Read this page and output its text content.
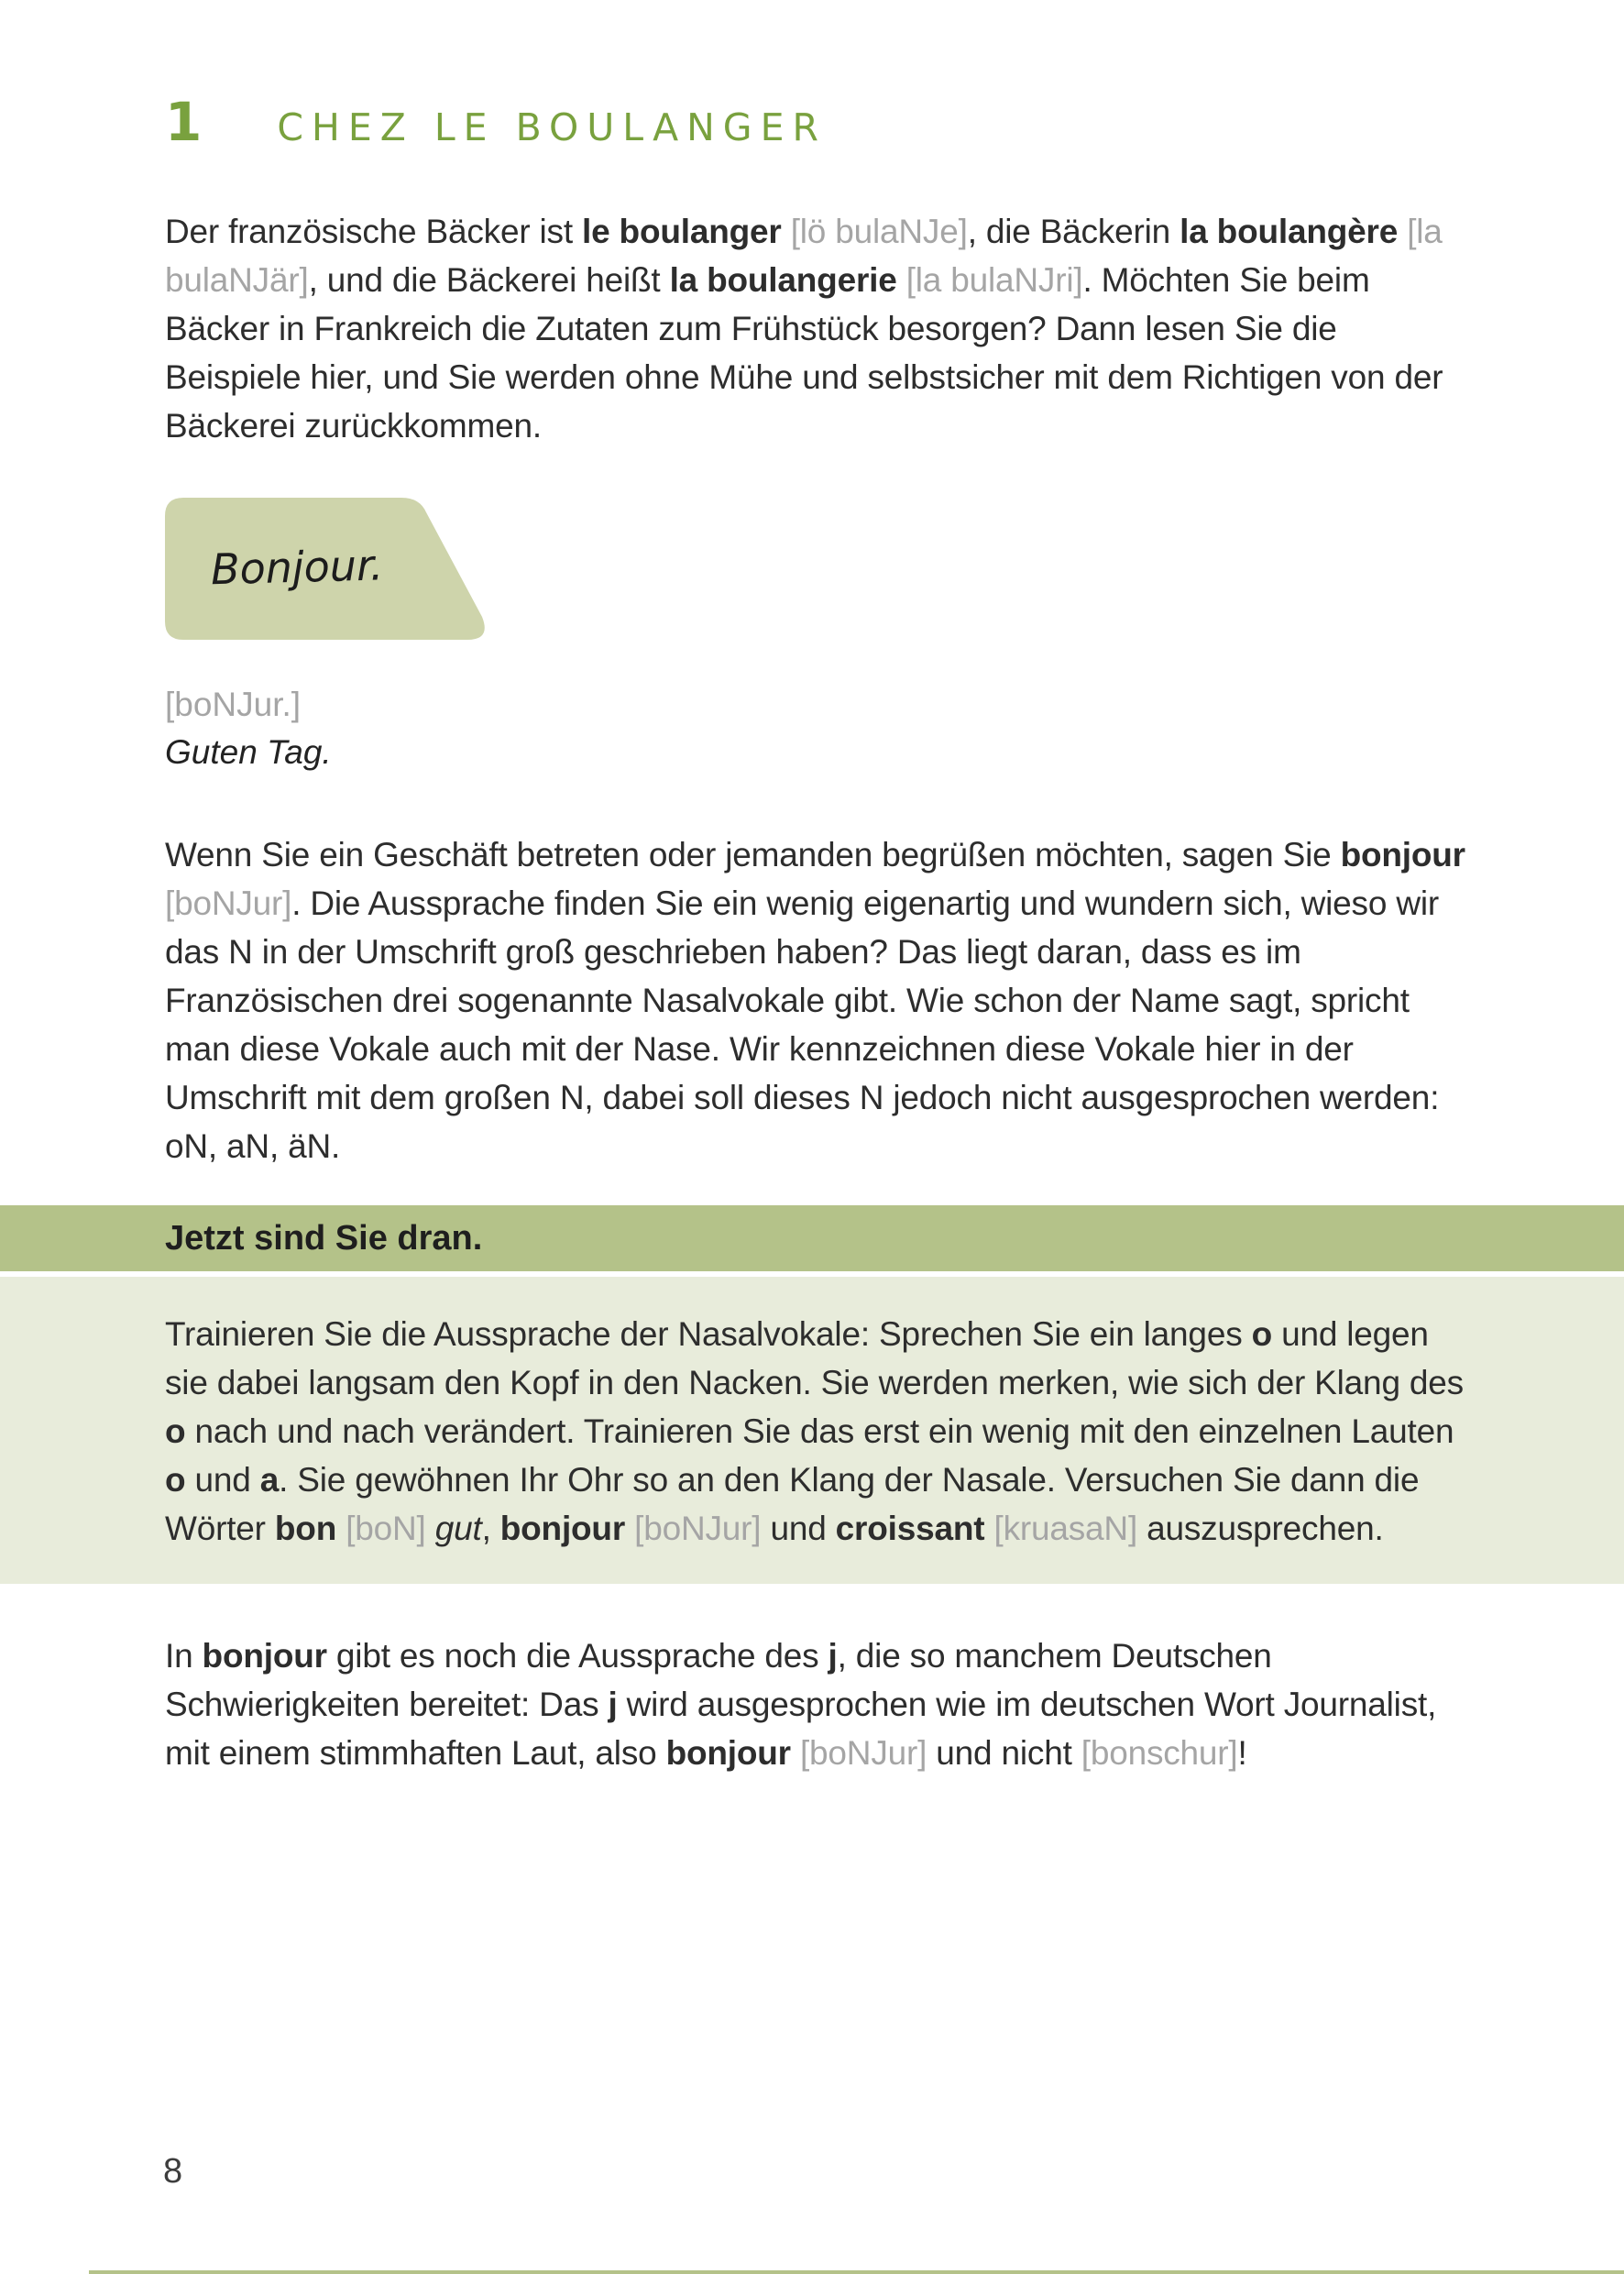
1 CHEZ LE BOULANGER

Der französische Bäcker ist le boulanger [lö bulaNJe], die Bäckerin la boulangère [la bulaNJär], und die Bäckerei heißt la boulangerie [la bulaNJri]. Möchten Sie beim Bäcker in Frankreich die Zutaten zum Frühstück besorgen? Dann lesen Sie die Beispiele hier, und Sie werden ohne Mühe und selbstsicher mit dem Richtigen von der Bäckerei zurückkommen.

Bonjour.
[boNJur.]
Guten Tag.

Wenn Sie ein Geschäft betreten oder jemanden begrüßen möchten, sagen Sie bonjour [boNJur]. Die Aussprache finden Sie ein wenig eigenartig und wundern sich, wieso wir das N in der Umschrift groß geschrieben haben? Das liegt daran, dass es im Französischen drei sogenannte Nasalvokale gibt. Wie schon der Name sagt, spricht man diese Vokale auch mit der Nase. Wir kennzeichnen diese Vokale hier in der Umschrift mit dem großen N, dabei soll dieses N jedoch nicht ausgesprochen werden: oN, aN, äN.

Jetzt sind Sie dran.

Trainieren Sie die Aussprache der Nasalvokale: Sprechen Sie ein langes o und legen sie dabei langsam den Kopf in den Nacken. Sie werden merken, wie sich der Klang des o nach und nach verändert. Trainieren Sie das erst ein wenig mit den einzelnen Lauten o und a. Sie gewöhnen Ihr Ohr so an den Klang der Nasale. Versuchen Sie dann die Wörter bon [boN] gut, bonjour [boNJur] und croissant [kruasaN] auszusprechen.

In bonjour gibt es noch die Aussprache des j, die so manchem Deutschen Schwierigkeiten bereitet: Das j wird ausgesprochen wie im deutschen Wort Journalist, mit einem stimmhaften Laut, also bonjour [boNJur] und nicht [bonschur]!

8
